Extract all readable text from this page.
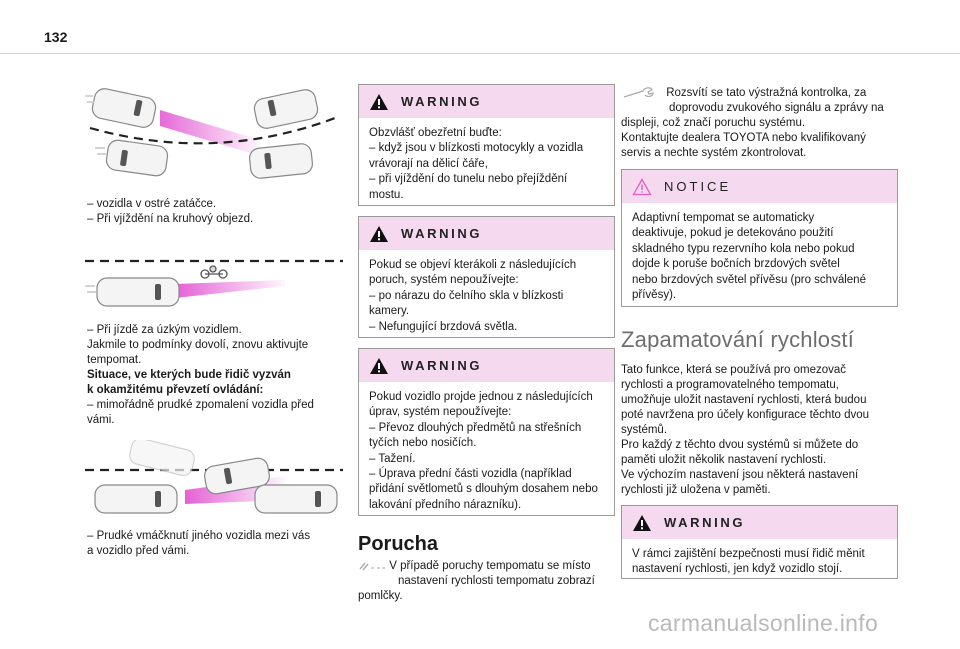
132
– vozidla v ostré zatáčce.
– Při vjíždění na kruhový objezd.
– Při jízdě za úzkým vozidlem.
Jakmile to podmínky dovolí, znovu aktivujte
tempomat.
Situace, ve kterých bude řidič vyzván
k okamžitému převzetí ovládání:
– mimořádně prudké zpomalení vozidla před
vámi.
– Prudké vmáčknutí jiného vozidla mezi vás
a vozidlo před vámi.
WARNING
Obzvlášť obezřetní buďte:
– když jsou v blízkosti motocykly a vozidla
vrávorají na dělicí čáře,
– při vjíždění do tunelu nebo přejíždění
mostu.
WARNING
Pokud se objeví kterákoli z následujících
poruch, systém nepoužívejte:
– po nárazu do čelního skla v blízkosti
kamery.
– Nefungující brzdová světla.
WARNING
Pokud vozidlo projde jednou z následujících
úprav, systém nepoužívejte:
– Převoz dlouhých předmětů na střešních
tyčích nebo nosičích.
– Tažení.
– Úprava přední části vozidla (například
přidání světlometů s dlouhým dosahem nebo
lakování předního nárazníku).
Porucha
V případě poruchy tempomatu se místo
nastavení rychlosti tempomatu zobrazí
pomlčky.
Rozsvítí se tato výstražná kontrolka, za
doprovodu zvukového signálu a zprávy na
displeji, což značí poruchu systému.
Kontaktujte dealera TOYOTA nebo kvalifikovaný
servis a nechte systém zkontrolovat.
NOTICE
Adaptivní tempomat se automaticky
deaktivuje, pokud je detekováno použití
skladného typu rezervního kola nebo pokud
dojde k poruše bočních brzdových světel
nebo brzdových světel přívěsu (pro schválené
přívěsy).
Zapamatování rychlostí
Tato funkce, která se používá pro omezovač
rychlosti a programovatelného tempomatu,
umožňuje uložit nastavení rychlosti, která budou
poté navržena pro účely konfigurace těchto dvou
systémů.
Pro každý z těchto dvou systémů si můžete do
paměti uložit několik nastavení rychlosti.
Ve výchozím nastavení jsou některá nastavení
rychlosti již uložena v paměti.
WARNING
V rámci zajištění bezpečnosti musí řidič měnit
nastavení rychlosti, jen když vozidlo stojí.
carmanualsonline.info
